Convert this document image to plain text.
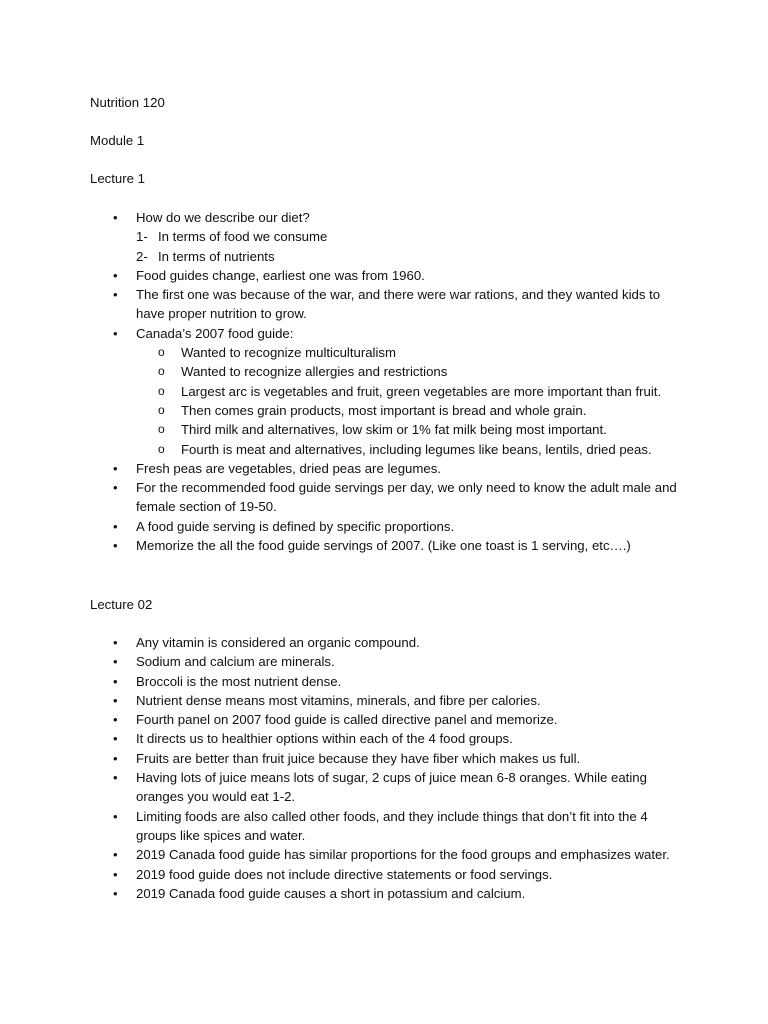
Nutrition 120

Module 1

Lecture 1

• How do we describe our diet?
1- In terms of food we consume
2- In terms of nutrients
• Food guides change, earliest one was from 1960.
• The first one was because of the war, and there were war rations, and they wanted kids to have proper nutrition to grow.
• Canada’s 2007 food guide:
o Wanted to recognize multiculturalism
o Wanted to recognize allergies and restrictions
o Largest arc is vegetables and fruit, green vegetables are more important than fruit.
o Then comes grain products, most important is bread and whole grain.
o Third milk and alternatives, low skim or 1% fat milk being most important.
o Fourth is meat and alternatives, including legumes like beans, lentils, dried peas.
• Fresh peas are vegetables, dried peas are legumes.
• For the recommended food guide servings per day, we only need to know the adult male and female section of 19-50.
• A food guide serving is defined by specific proportions.
• Memorize the all the food guide servings of 2007. (Like one toast is 1 serving, etc….)

Lecture 02

• Any vitamin is considered an organic compound.
• Sodium and calcium are minerals.
• Broccoli is the most nutrient dense.
• Nutrient dense means most vitamins, minerals, and fibre per calories.
• Fourth panel on 2007 food guide is called directive panel and memorize.
• It directs us to healthier options within each of the 4 food groups.
• Fruits are better than fruit juice because they have fiber which makes us full.
• Having lots of juice means lots of sugar, 2 cups of juice mean 6-8 oranges. While eating oranges you would eat 1-2.
• Limiting foods are also called other foods, and they include things that don’t fit into the 4 groups like spices and water.
• 2019 Canada food guide has similar proportions for the food groups and emphasizes water.
• 2019 food guide does not include directive statements or food servings.
• 2019 Canada food guide causes a short in potassium and calcium.
